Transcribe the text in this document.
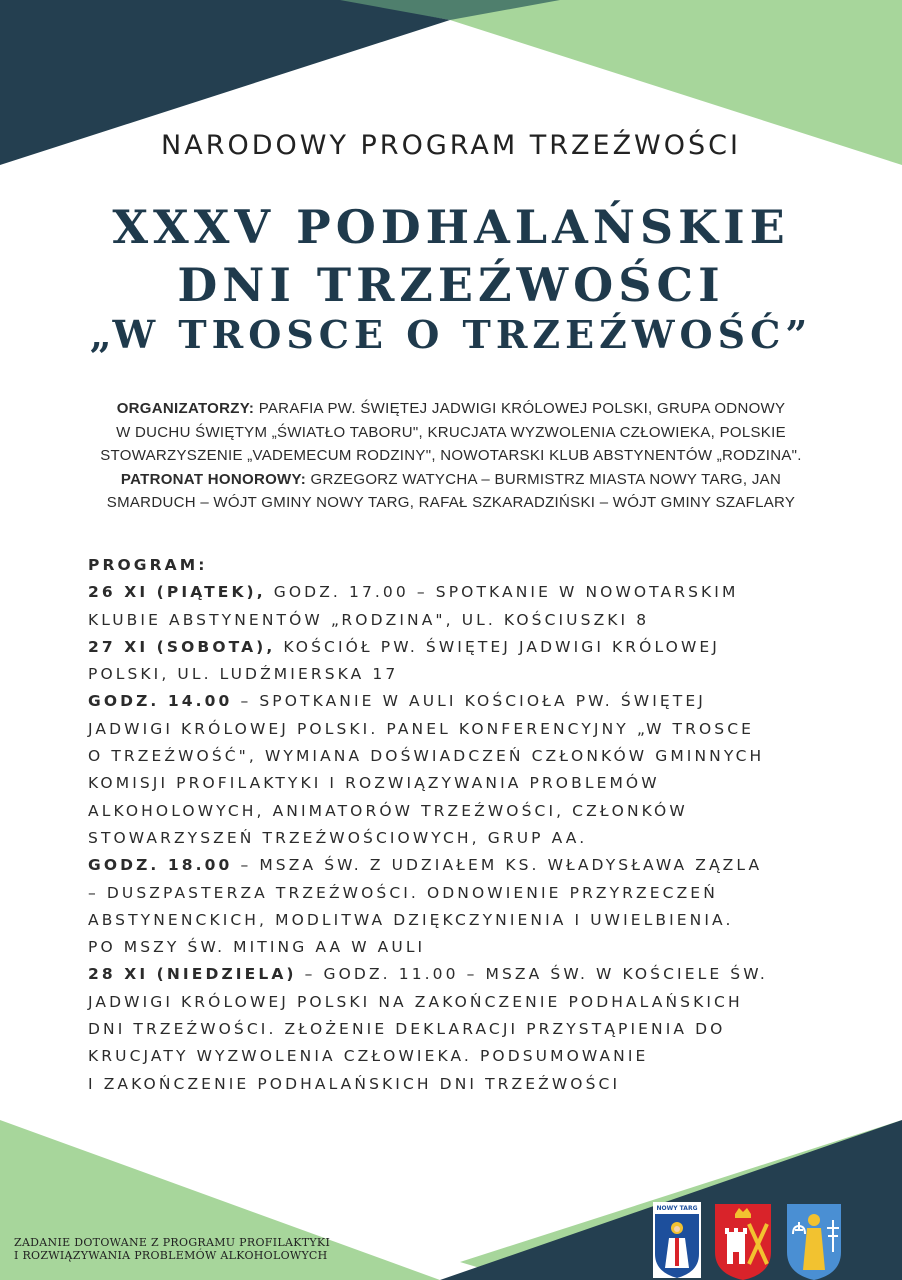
NARODOWY PROGRAM TRZEŹWOŚCI
XXXV PODHALAŃSKIE
DNI TRZEŹWOŚCI
„W TROSCE O TRZEŹWOŚĆ”
ORGANIZATORZY: PARAFIA PW. ŚWIĘTEJ JADWIGI KRÓLOWEJ POLSKI, GRUPA ODNOWY
W DUCHU ŚWIĘTYM „ŚWIATŁO TABORU", KRUCJATA WYZWOLENIA CZŁOWIEKA, POLSKIE
STOWARZYSZENIE „VADEMECUM RODZINY", NOWOTARSKI KLUB ABSTYNENTÓW „RODZINA".
PATRONAT HONOROWY: GRZEGORZ WATYCHA – BURMISTRZ MIASTA NOWY TARG, JAN
SMARDUCH – WÓJT GMINY NOWY TARG, RAFAŁ SZKARADZIŃSKI – WÓJT GMINY SZAFLARY
PROGRAM:
26 XI (PIĄTEK), GODZ. 17.00 – SPOTKANIE W NOWOTARSKIM
KLUBIE ABSTYNENTÓW „RODZINA", UL. KOŚCIUSZKI 8
27 XI (SOBOTA), KOŚCIÓŁ PW. ŚWIĘTEJ JADWIGI KRÓLOWEJ
POLSKI, UL. LUDŹMIERSKA 17
GODZ. 14.00 – SPOTKANIE W AULI KOŚCIOŁA PW. ŚWIĘTEJ
JADWIGI KRÓLOWEJ POLSKI. PANEL KONFERENCYJNY „W TROSCE
O TRZEŹWOŚĆ", WYMIANA DOŚWIADCZEŃ CZŁONKÓW GMINNYCH
KOMISJI PROFILAKTYKI I ROZWIĄZYWANIA PROBLEMÓW
ALKOHOLOWYCH, ANIMATORÓW TRZEŹWOŚCI, CZŁONKÓW
STOWARZYSZEŃ TRZEŹWOŚCIOWYCH, GRUP AA.
GODZ. 18.00 – MSZA ŚW. Z UDZIAŁEM KS. WŁADYSŁAWA ZĄZLA
– DUSZPASTERZA TRZEŹWOŚCI. ODNOWIENIE PRZYRZECZEŃ
ABSTYNENCKICH, MODLITWA DZIĘKCZYNIENIA I UWIELBIENIA.
PO MSZY ŚW. MITING AA W AULI
28 XI (NIEDZIELA) – GODZ. 11.00 – MSZA ŚW. W KOŚCIELE ŚW.
JADWIGI KRÓLOWEJ POLSKI NA ZAKOŃCZENIE PODHALAŃSKICH
DNI TRZEŹWOŚCI. ZŁOŻENIE DEKLARACJI PRZYSTĄPIENIA DO
KRUCJATY WYZWOLENIA CZŁOWIEKA. PODSUMOWANIE
I ZAKOŃCZENIE PODHALAŃSKICH DNI TRZEŹWOŚCI
ZADANIE DOTOWANE Z PROGRAMU PROFILAKTYKI
I ROZWIĄZYWANIA PROBLEMÓW ALKOHOLOWYCH
NOWY TARG
